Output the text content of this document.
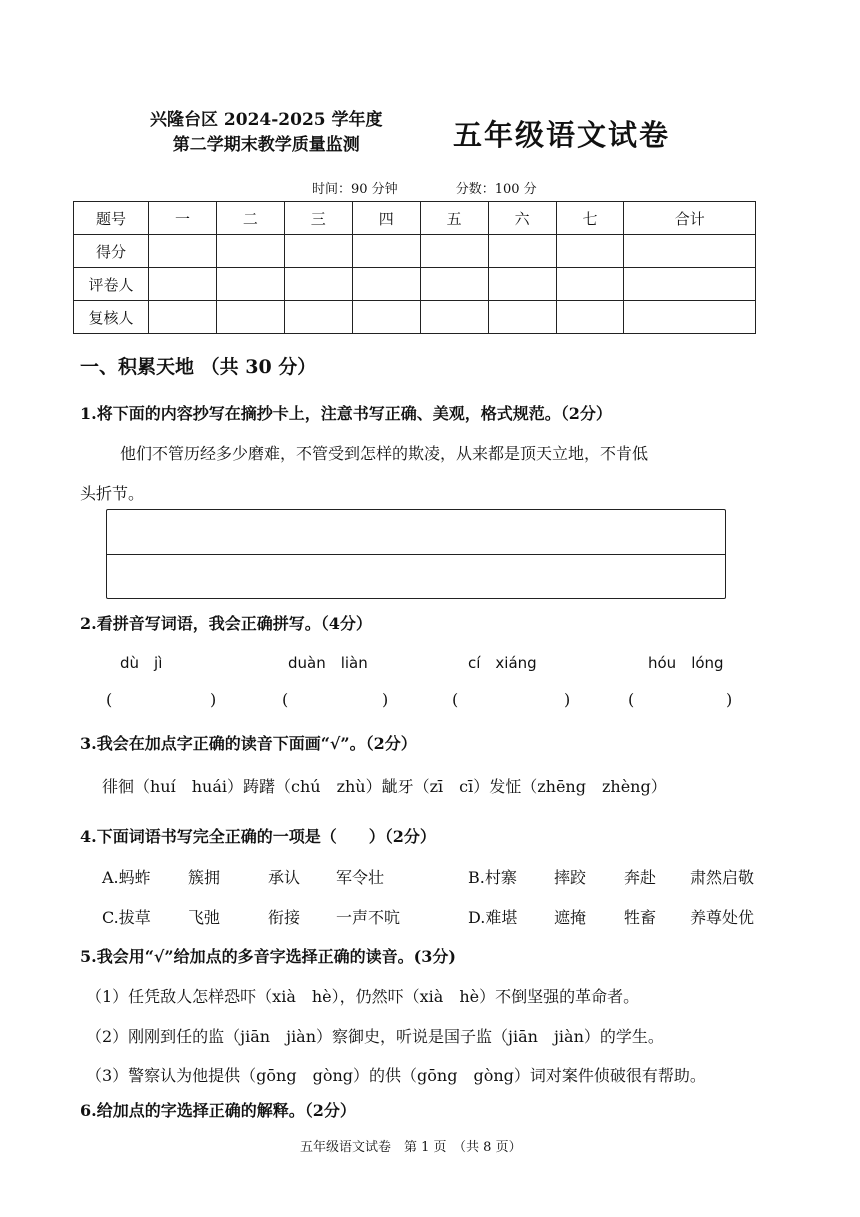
兴隆台区 2024-2025 学年度
第二学期末教学质量监测	五年级语文试卷
时间：90 分钟	分数：100 分
题号	一	二	三	四	五	六	七	合计
得分								
评卷人								
复核人								
一、积累天地 （共 30 分）
1.将下面的内容抄写在摘抄卡上，注意书写正确、美观，格式规范。（2分）
他们不管历经多少磨难，不管受到怎样的欺凌，从来都是顶天立地，不肯低
头折节。
2.看拼音写词语，我会正确拼写。（4分）
dù　jì	duàn　liàn	cí　xiáng	hóu　lóng
(	)	(	)	(	)	(	)
3.我会在加点字正确的读音下面画“√”。（2分）
徘徊（huí　huái）踌躇（chú　zhù）龇牙（zī　cī）发怔（zhēng　zhèng）
4.下面词语书写完全正确的一项是（　　）（2分）
A.蚂蚱 簇拥	承认 军令壮	B.村寨 摔跤 奔赴 肃然启敬
C.拔草 飞弛	衔接 一声不吭	D.难堪 遮掩 牲畜 养尊处优
5.我会用“√”给加点的多音字选择正确的读音。(3分)
（1）任凭敌人怎样恐吓（xià　hè），仍然吓（xià　hè）不倒坚强的革命者。
（2）刚刚到任的监（jiān　jiàn）察御史，听说是国子监（jiān　jiàn）的学生。
（3）警察认为他提供（gōng　gòng）的供（gōng　gòng）词对案件侦破很有帮助。
6.给加点的字选择正确的解释。（2分）
五年级语文试卷　第 1 页　（共 8 页）
